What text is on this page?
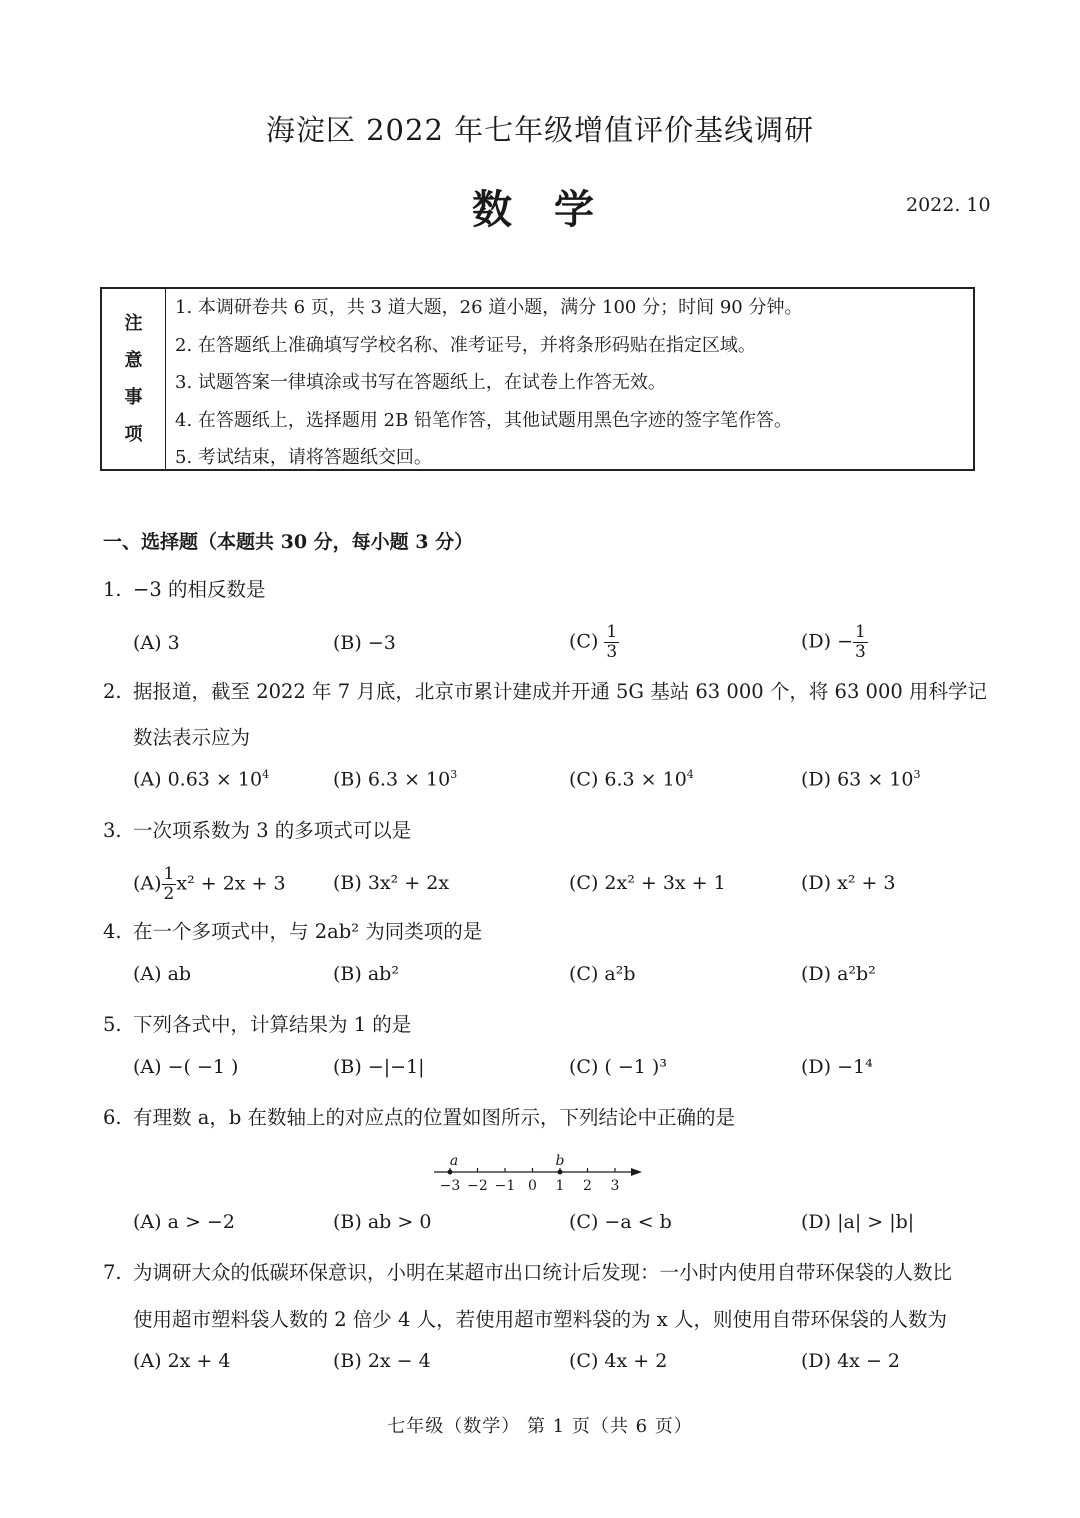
海淀区 2022 年七年级增值评价基线调研
数 学	2022. 10
注
意
事
项
1. 本调研卷共 6 页，共 3 道大题，26 道小题，满分 100 分；时间 90 分钟。
2. 在答题纸上准确填写学校名称、准考证号，并将条形码贴在指定区域。
3. 试题答案一律填涂或书写在答题纸上，在试卷上作答无效。
4. 在答题纸上，选择题用 2B 铅笔作答，其他试题用黑色字迹的签字笔作答。
5. 考试结束，请将答题纸交回。
一、选择题（本题共 30 分，每小题 3 分）
1. −3 的相反数是
(A) 3	(B) −3	$(C) \frac{1}{3}$	$(D) - \frac{1}{3}$
2. 据报道，截至 2022 年 7 月底，北京市累计建成并开通 5G 基站 63 000 个，将 63 000 用科学记
数法表示应为
(A) $0.63 \times 10^4$	(B) $6.3 \times 10^3$	(C) $6.3 \times 10^4$	(D) $63 \times 10^3$
3. 一次项系数为 3 的多项式可以是
$(A) \frac{1}{2} x^2 + 2x + 3$ (B) 3x² + 2x	(C) 2x² + 3x + 1	(D) x² + 3
4. 在一个多项式中，与 2ab² 为同类项的是
(A) ab	(B) ab²	(C) a²b	(D) a²b²
5. 下列各式中，计算结果为 1 的是
(A) −( −1 )	(B) −|−1|	(C) ( −1 )³	(D) −1⁴
6. 有理数 a，b 在数轴上的对应点的位置如图所示，下列结论中正确的是
−3 −2 −1 0 1 2 3
a	b
(A) a > −2	(B) ab > 0	(C) −a < b	(D) |a| > |b|
7. 为调研大众的低碳环保意识，小明在某超市出口统计后发现：一小时内使用自带环保袋的人数比
使用超市塑料袋人数的 2 倍少 4 人，若使用超市塑料袋的为 x 人，则使用自带环保袋的人数为
(A) 2x + 4	(B) 2x − 4	(C) 4x + 2	(D) 4x − 2
七年级（数学） 第 1 页（共 6 页）
